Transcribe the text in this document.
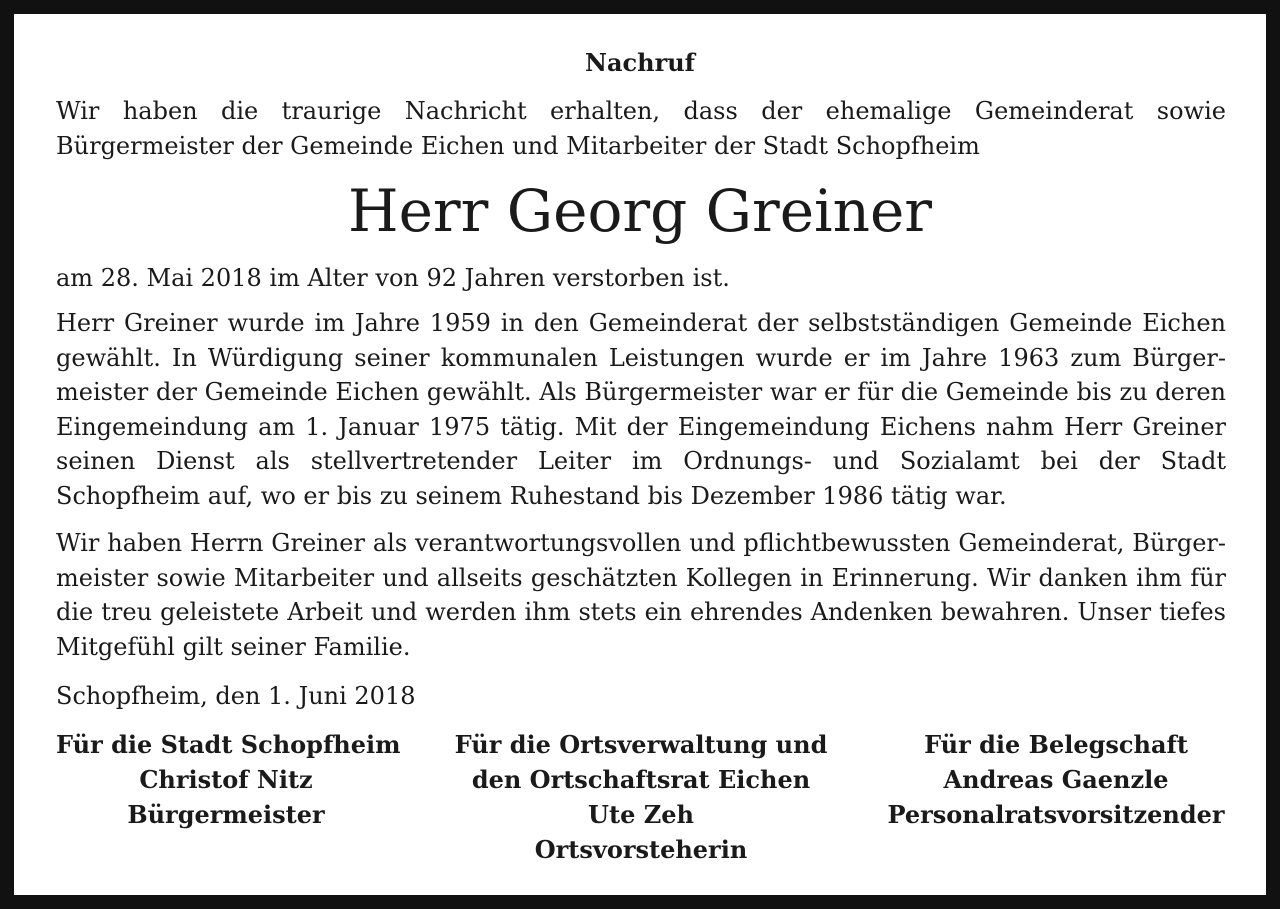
Nachruf
Wir haben die traurige Nachricht erhalten, dass der ehemalige Gemeinderat sowie Bürgermeister der Gemeinde Eichen und Mitarbeiter der Stadt Schopfheim
Herr Georg Greiner
am 28. Mai 2018 im Alter von 92 Jahren verstorben ist.
Herr Greiner wurde im Jahre 1959 in den Gemeinderat der selbstständigen Gemeinde Eichen gewählt. In Würdigung seiner kommunalen Leistungen wurde er im Jahre 1963 zum Bürgermeister der Gemeinde Eichen gewählt. Als Bürgermeister war er für die Gemeinde bis zu deren Eingemeindung am 1. Januar 1975 tätig. Mit der Eingemeindung Eichens nahm Herr Greiner seinen Dienst als stellvertretender Leiter im Ordnungs- und Sozialamt bei der Stadt Schopfheim auf, wo er bis zu seinem Ruhestand bis Dezember 1986 tätig war.
Wir haben Herrn Greiner als verantwortungsvollen und pflichtbewussten Gemeinderat, Bürgermeister sowie Mitarbeiter und allseits geschätzten Kollegen in Erinnerung. Wir danken ihm für die treu geleistete Arbeit und werden ihm stets ein ehrendes Andenken bewahren. Unser tiefes Mitgefühl gilt seiner Familie.
Schopfheim, den 1. Juni 2018
Für die Stadt Schopfheim
Christof Nitz
Bürgermeister
Für die Ortsverwaltung und
den Ortschaftsrat Eichen
Ute Zeh
Ortsvorsteherin
Für die Belegschaft
Andreas Gaenzle
Personalratsvorsitzender
